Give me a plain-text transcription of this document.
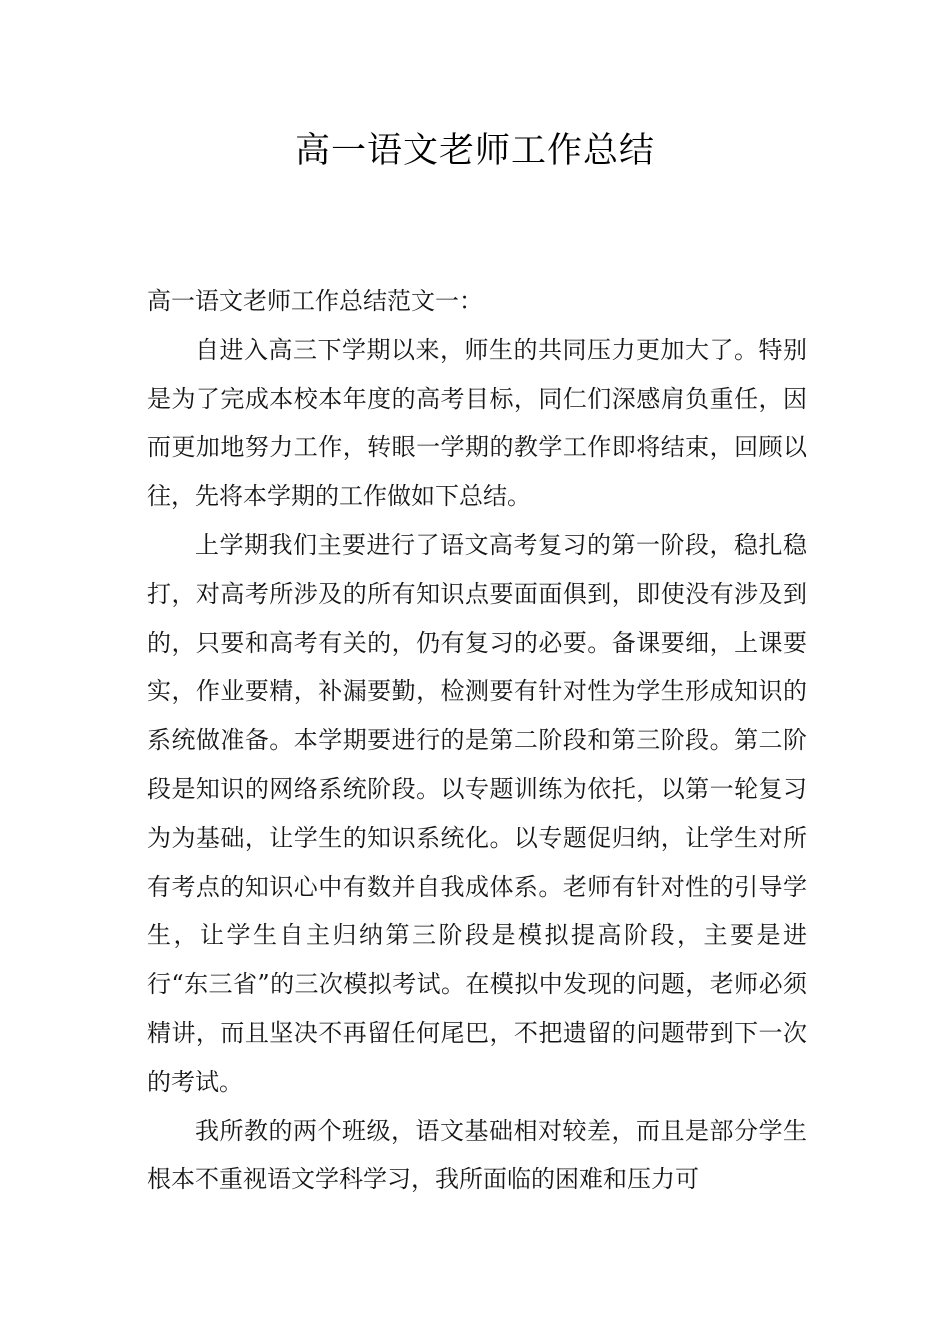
高一语文老师工作总结

高一语文老师工作总结范文一：

自进入高三下学期以来，师生的共同压力更加大了。特别是为了完成本校本年度的高考目标，同仁们深感肩负重任，因而更加地努力工作，转眼一学期的教学工作即将结束，回顾以往，先将本学期的工作做如下总结。

上学期我们主要进行了语文高考复习的第一阶段，稳扎稳打，对高考所涉及的所有知识点要面面俱到，即使没有涉及到的，只要和高考有关的，仍有复习的必要。备课要细，上课要实，作业要精，补漏要勤，检测要有针对性为学生形成知识的系统做准备。本学期要进行的是第二阶段和第三阶段。第二阶段是知识的网络系统阶段。以专题训练为依托，以第一轮复习为为基础，让学生的知识系统化。以专题促归纳，让学生对所有考点的知识心中有数并自我成体系。老师有针对性的引导学生，让学生自主归纳第三阶段是模拟提高阶段，主要是进行“东三省”的三次模拟考试。在模拟中发现的问题，老师必须精讲，而且坚决不再留任何尾巴，不把遗留的问题带到下一次的考试。

我所教的两个班级，语文基础相对较差，而且是部分学生根本不重视语文学科学习，我所面临的困难和压力可
